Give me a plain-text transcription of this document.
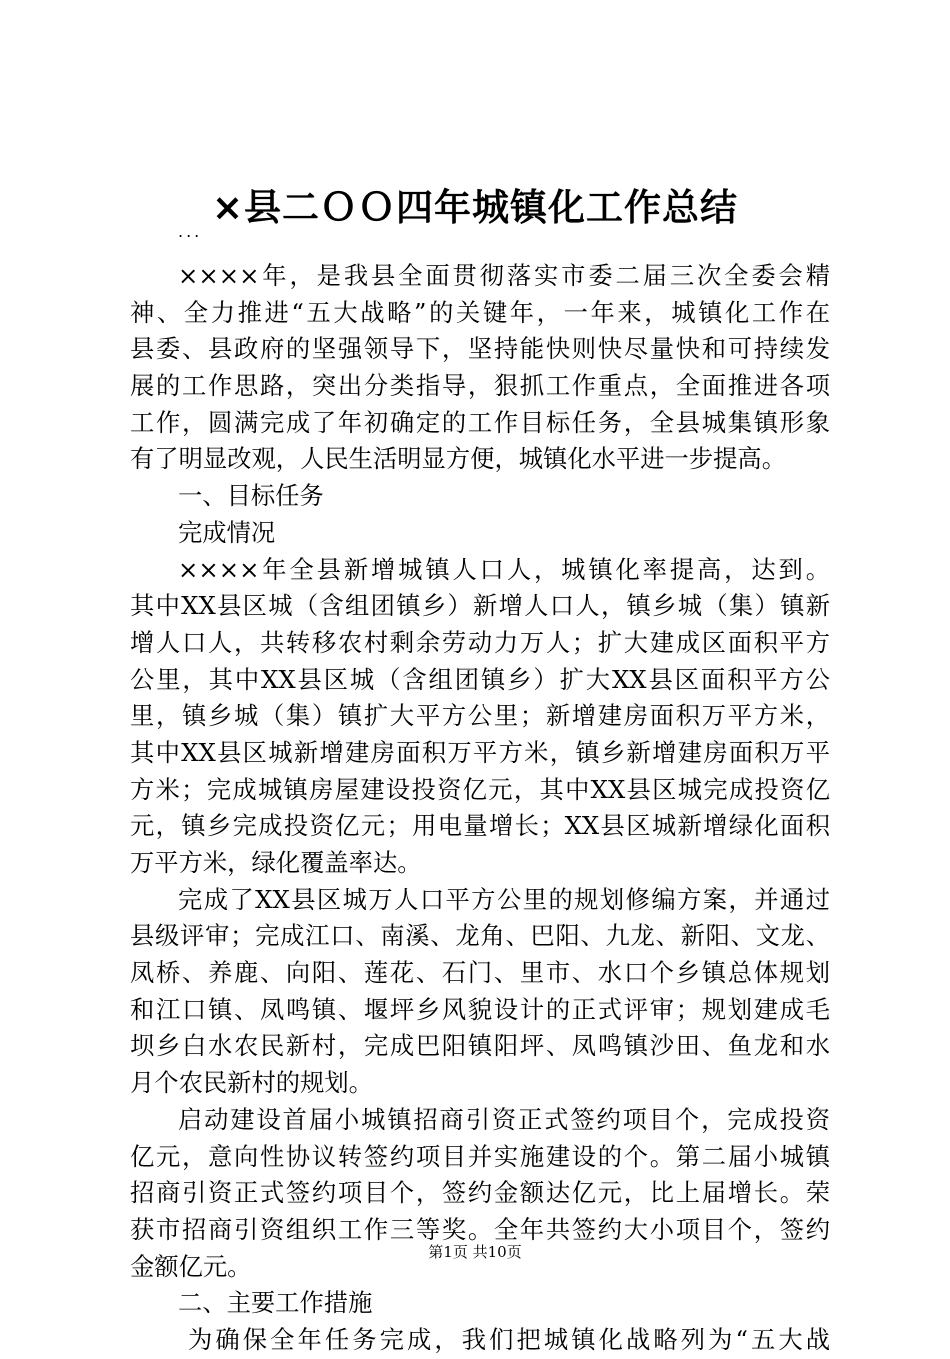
×县二ＯＯ四年城镇化工作总结
...
××××年，是我县全面贯彻落实市委二届三次全委会精
神、全力推进“五大战略”的关键年，一年来，城镇化工作在
县委、县政府的坚强领导下，坚持能快则快尽量快和可持续发
展的工作思路，突出分类指导，狠抓工作重点，全面推进各项
工作，圆满完成了年初确定的工作目标任务，全县城集镇形象
有了明显改观，人民生活明显方便，城镇化水平进一步提高。
一、目标任务
完成情况
××××年全县新增城镇人口人，城镇化率提高，达到。
其中XX县区城（含组团镇乡）新增人口人，镇乡城（集）镇新
增人口人，共转移农村剩余劳动力万人；扩大建成区面积平方
公里，其中XX县区城（含组团镇乡）扩大XX县区面积平方公
里，镇乡城（集）镇扩大平方公里；新增建房面积万平方米，
其中XX县区城新增建房面积万平方米，镇乡新增建房面积万平
方米；完成城镇房屋建设投资亿元，其中XX县区城完成投资亿
元，镇乡完成投资亿元；用电量增长；XX县区城新增绿化面积
万平方米，绿化覆盖率达。
完成了XX县区城万人口平方公里的规划修编方案，并通过
县级评审；完成江口、南溪、龙角、巴阳、九龙、新阳、文龙、
凤桥、养鹿、向阳、莲花、石门、里市、水口个乡镇总体规划
和江口镇、凤鸣镇、堰坪乡风貌设计的正式评审；规划建成毛
坝乡白水农民新村，完成巴阳镇阳坪、凤鸣镇沙田、鱼龙和水
月个农民新村的规划。
启动建设首届小城镇招商引资正式签约项目个，完成投资
亿元，意向性协议转签约项目并实施建设的个。第二届小城镇
招商引资正式签约项目个，签约金额达亿元，比上届增长。荣
获市招商引资组织工作三等奖。全年共签约大小项目个，签约
金额亿元。
二、主要工作措施
为确保全年任务完成，我们把城镇化战略列为“五大战
第1页 共10页
